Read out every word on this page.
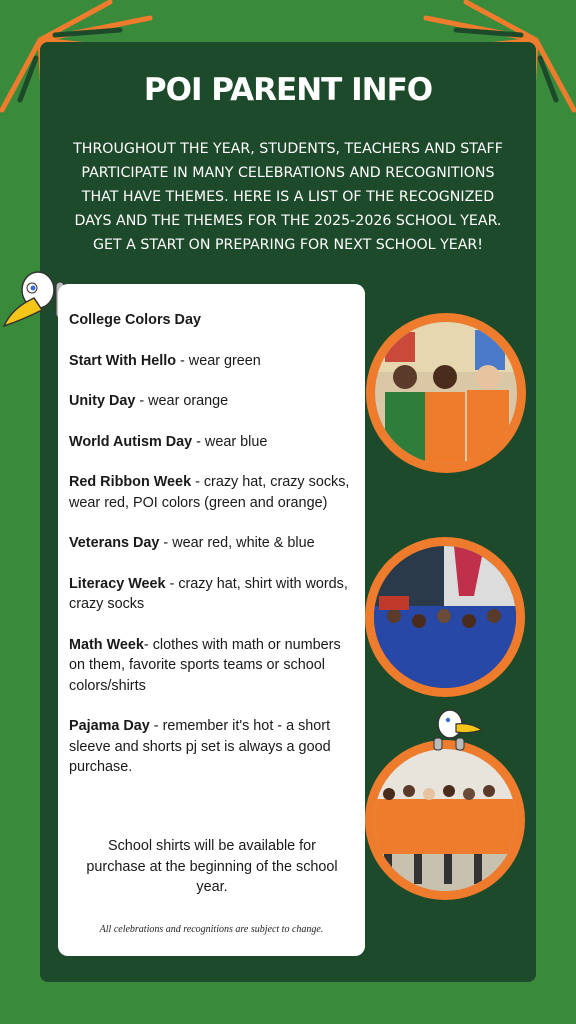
POI PARENT INFO
THROUGHOUT THE YEAR, STUDENTS, TEACHERS AND STAFF
PARTICIPATE IN MANY CELEBRATIONS AND RECOGNITIONS
THAT HAVE THEMES. HERE IS A LIST OF THE RECOGNIZED
DAYS AND THE THEMES FOR THE 2025-2026 SCHOOL YEAR.
GET A START ON PREPARING FOR NEXT SCHOOL YEAR!
College Colors Day
Start With Hello - wear green
Unity Day - wear orange
World Autism Day - wear blue
Red Ribbon Week - crazy hat, crazy socks, wear red, POI colors (green and orange)
Veterans Day - wear red, white & blue
Literacy Week - crazy hat, shirt with words, crazy socks
Math Week- clothes with math or numbers on them, favorite sports teams or school colors/shirts
Pajama Day - remember it's hot - a short sleeve and shorts pj set is always a good purchase.
School shirts will be available for purchase at the beginning of the school year.
All celebrations and recognitions are subject to change.
